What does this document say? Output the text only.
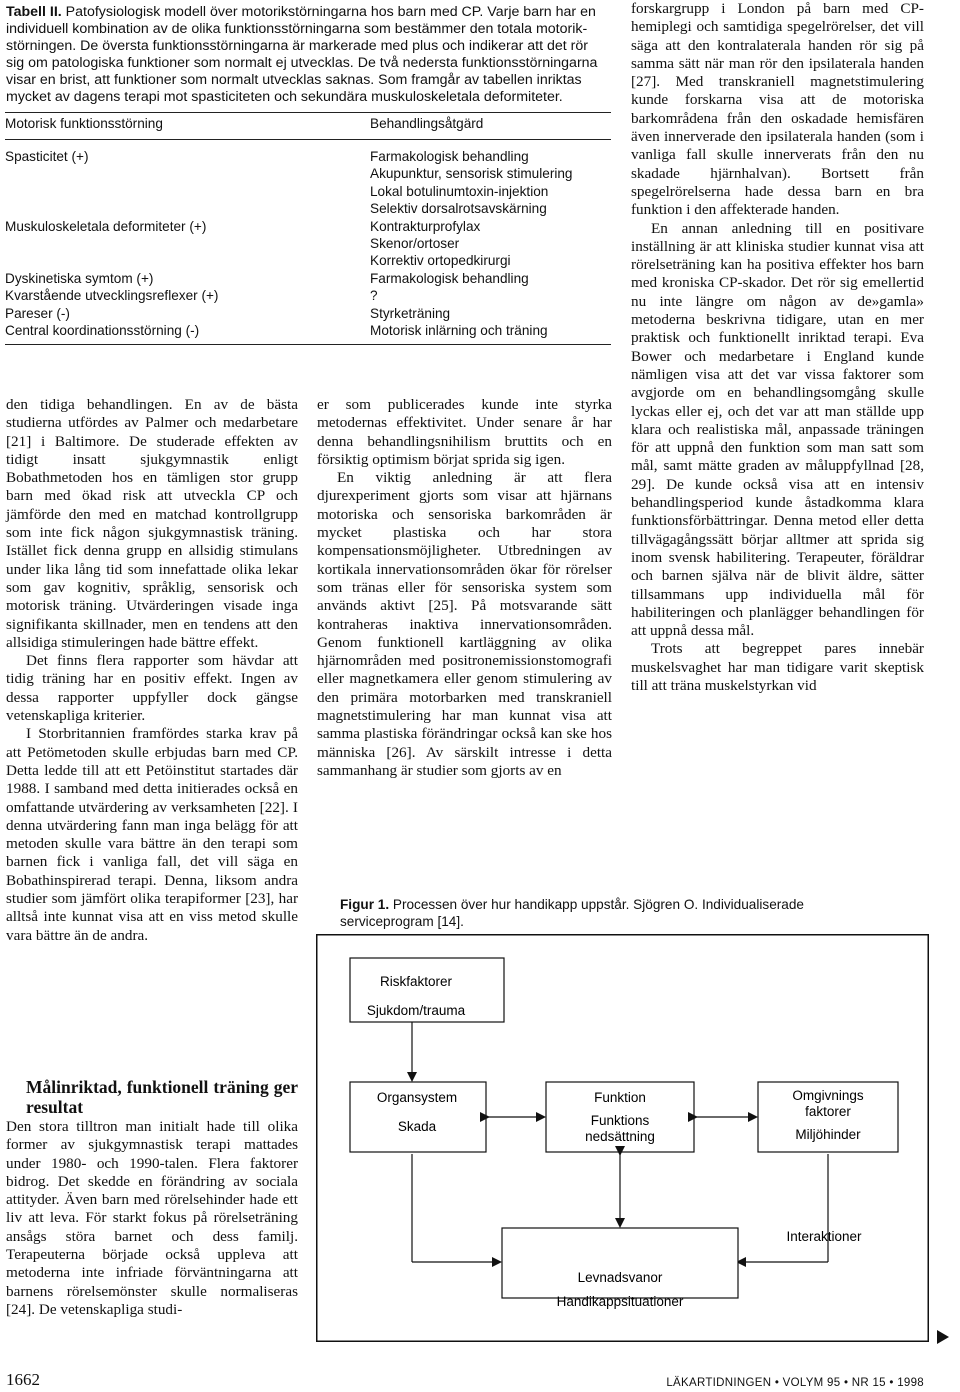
Tabell II. Patofysiologisk modell över motorikstörningarna hos barn med CP. Varje barn har en
individuell kombination av de olika funktionsstörningarna som bestämmer den totala motorik-
störningen. De översta funktionsstörningarna är markerade med plus och indikerar att det rör
sig om patologiska funktioner som normalt ej utvecklas. De två nedersta funktionsstörningarna
visar en brist, att funktioner som normalt utvecklas saknas. Som framgår av tabellen inriktas
mycket av dagens terapi mot spasticiteten och sekundära muskuloskeletala deformiteter.
Motorisk funktionsstörning	Behandlingsåtgärd
Spasticitet (+)	Farmakologisk behandling
Akupunktur, sensorisk stimulering
Lokal botulinumtoxin-injektion
Selektiv dorsalrotsavskärning
Muskuloskeletala deformiteter (+)	Kontrakturprofylax
Skenor/ortoser
Korrektiv ortopedkirurgi
Dyskinetiska symtom (+)	Farmakologisk behandling
Kvarstående utvecklingsreflexer (+)	?
Pareser (-)	Styrketräning
Central koordinationsstörning (-)	Motorisk inlärning och träning

den tidiga behandlingen. En av de bästa studierna utfördes av Palmer och medarbetare [21] i Baltimore. De studerade effekten av tidigt insatt sjukgymnastik enligt Bobathmetoden hos en tämligen stor grupp barn med ökad risk att utveckla CP och jämförde den med en matchad kontrollgrupp som inte fick någon sjukgymnastisk träning. Istället fick denna grupp en allsidig stimulans under lika lång tid som innefattade olika lekar som gav kognitiv, språklig, sensorisk och motorisk träning. Utvärderingen visade inga signifikanta skillnader, men en tendens att den allsidiga stimuleringen hade bättre effekt.

Det finns flera rapporter som hävdar att tidig träning har en positiv effekt. Ingen av dessa rapporter uppfyller dock gängse vetenskapliga kriterier.

I Storbritannien framfördes starka krav på att Petömetoden skulle erbjudas barn med CP. Detta ledde till att ett Petöinstitut startades där 1988. I samband med detta initierades också en omfattande utvärdering av verksamheten [22]. I denna utvärdering fann man inga belägg för att metoden skulle vara bättre än den terapi som barnen fick i vanliga fall, det vill säga en Bobathinspirerad terapi. Denna, liksom andra studier som jämfört olika terapiformer [23], har alltså inte kunnat visa att en viss metod skulle vara bättre än de andra.

Målinriktad, funktionell träning ger resultat

Den stora tilltron man initialt hade till olika former av sjukgymnastisk terapi mattades under 1980- och 1990-talen. Flera faktorer bidrog. Det skedde en förändring av sociala attityder. Även barn med rörelsehinder hade ett liv att leva. För starkt fokus på rörelseträning ansågs störa barnet och dess familj. Terapeuterna började också uppleva att metoderna inte infriade förväntningarna att barnens rörelsemönster skulle normaliseras [24]. De vetenskapliga studi-

er som publicerades kunde inte styrka metodernas effektivitet. Under senare år har denna behandlingsnihilism bruttits och en försiktig optimism börjat sprida sig igen.

En viktig anledning är att flera djurexperiment gjorts som visar att hjärnans motoriska och sensoriska barkområden är mycket plastiska och har stora kompensationsmöjligheter. Utbredningen av kortikala innervationsområden ökar för rörelser som tränas eller för sensoriska system som används aktivt [25]. På motsvarande sätt kontraheras inaktiva innervationsområden. Genom funktionell kartläggning av olika hjärnområden med positronemissionstomografi eller magnetkamera eller genom stimulering av den primära motorbarken med transkraniell magnetstimulering har man kunnat visa att samma plastiska förändringar också kan ske hos människa [26]. Av särskilt intresse i detta sammanhang är studier som gjorts av en

forskargrupp i London på barn med CP-hemiplegi och samtidiga spegelrörelser, det vill säga att den kontralaterala handen rör sig på samma sätt när man rör den ipsilaterala handen [27]. Med transkraniell magnetstimulering kunde forskarna visa att de motoriska barkområdena från den oskadade hemisfären även innerverade den ipsilaterala handen (som i vanliga fall skulle innerverats från den nu skadade hjärnhalvan). Bortsett från spegelrörelserna hade dessa barn en bra funktion i den affekterade handen.

En annan anledning till en positivare inställning är att kliniska studier kunnat visa att rörelseträning kan ha positiva effekter hos barn med kroniska CP-skador. Det rör sig emellertid nu inte längre om någon av de»gamla» metoderna beskrivna tidigare, utan en mer praktisk och funktionellt inriktad terapi. Eva Bower och medarbetare i England kunde nämligen visa att det var vissa faktorer som avgjorde om en behandlingsomgång skulle lyckas eller ej, och det var att man ställde upp klara och realistiska mål, anpassade träningen för att uppnå den funktion som man satt som mål, samt mätte graden av måluppfyllnad [28, 29]. De kunde också visa att en intensiv behandlingsperiod kunde åstadkomma klara funktionsförbättringar. Denna metod eller detta tillvägagångssätt börjar alltmer att sprida sig inom svensk habilitering. Terapeuter, föräldrar och barnen själva när de blivit äldre, sätter tillsammans upp individuella mål för habiliteringen och planlägger behandlingen för att uppnå dessa mål.

Trots att begreppet pares innebär muskelsvaghet har man tidigare varit skeptisk till att träna muskelstyrkan vid

Figur 1. Processen över hur handikapp uppstår. Sjögren O. Individualiserade
serviceprogram [14].
Riskfaktorer
Sjukdom/trauma
Organsystem
Skada
Funktion
Funktions
nedsättning
Omgivnings
faktorer
Miljöhinder
Interaktioner
Levnadsvanor
Handikappsituationer
1662	LÄKARTIDNINGEN • VOLYM 95 • NR 15 • 1998
